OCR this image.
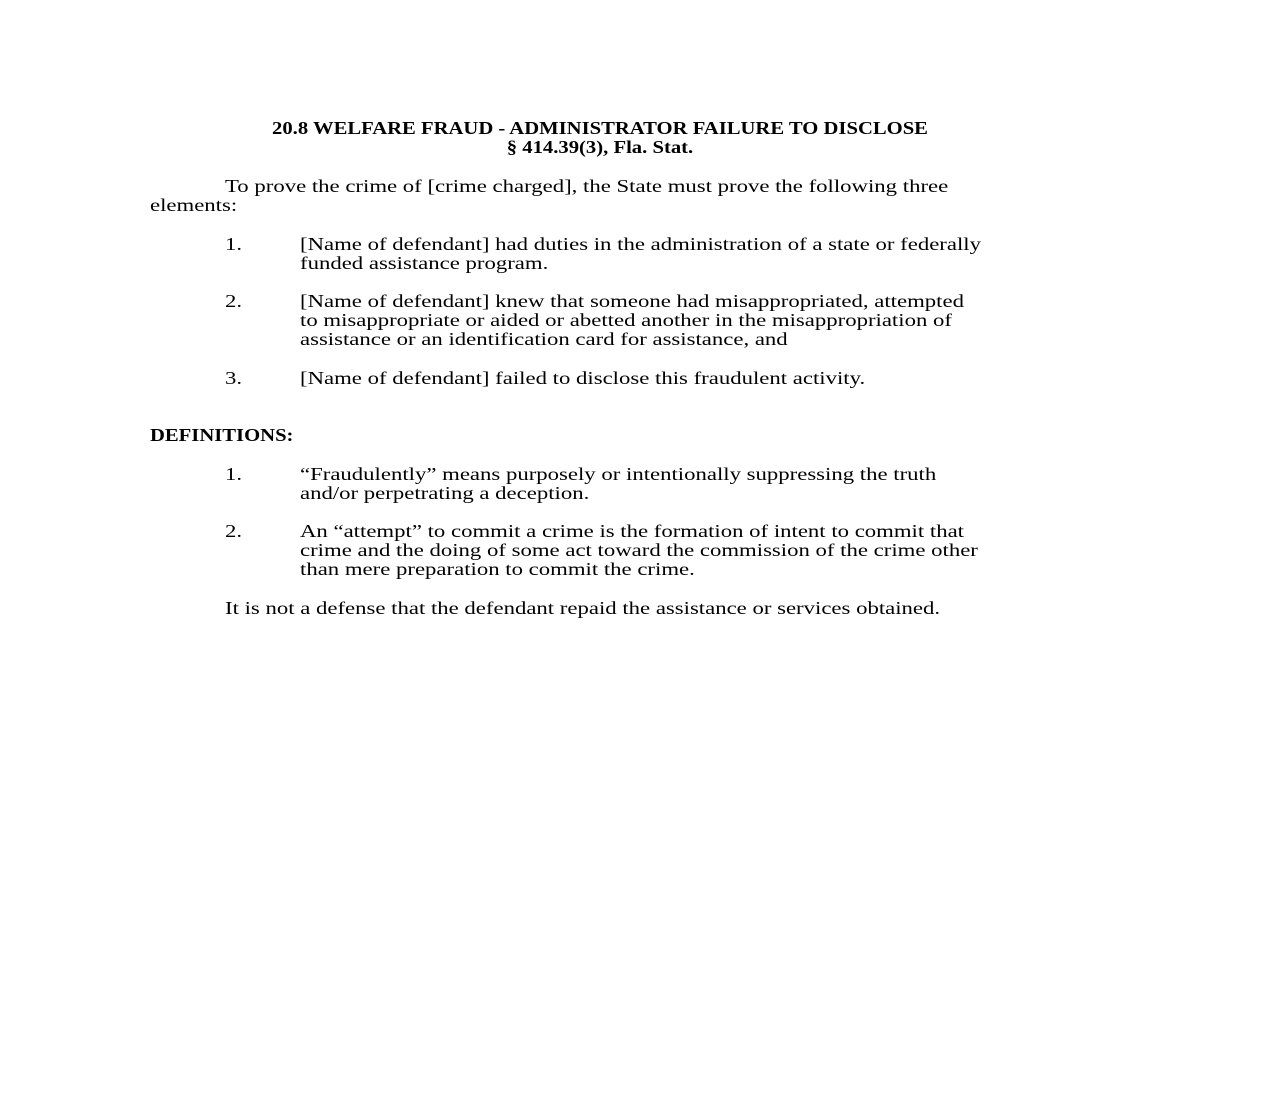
20.8 WELFARE FRAUD - ADMINISTRATOR FAILURE TO DISCLOSE
§ 414.39(3), Fla. Stat.
To prove the crime of [crime charged], the State must prove the following three
elements:
1.	[Name of defendant] had duties in the administration of a state or federally
funded assistance program.
2.	[Name of defendant] knew that someone had misappropriated, attempted
to misappropriate or aided or abetted another in the misappropriation of
assistance or an identification card for assistance, and
3.	[Name of defendant] failed to disclose this fraudulent activity.
DEFINITIONS:
1.	“Fraudulently” means purposely or intentionally suppressing the truth
and/or perpetrating a deception.
2.	An “attempt” to commit a crime is the formation of intent to commit that
crime and the doing of some act toward the commission of the crime other
than mere preparation to commit the crime.
It is not a defense that the defendant repaid the assistance or services obtained.
